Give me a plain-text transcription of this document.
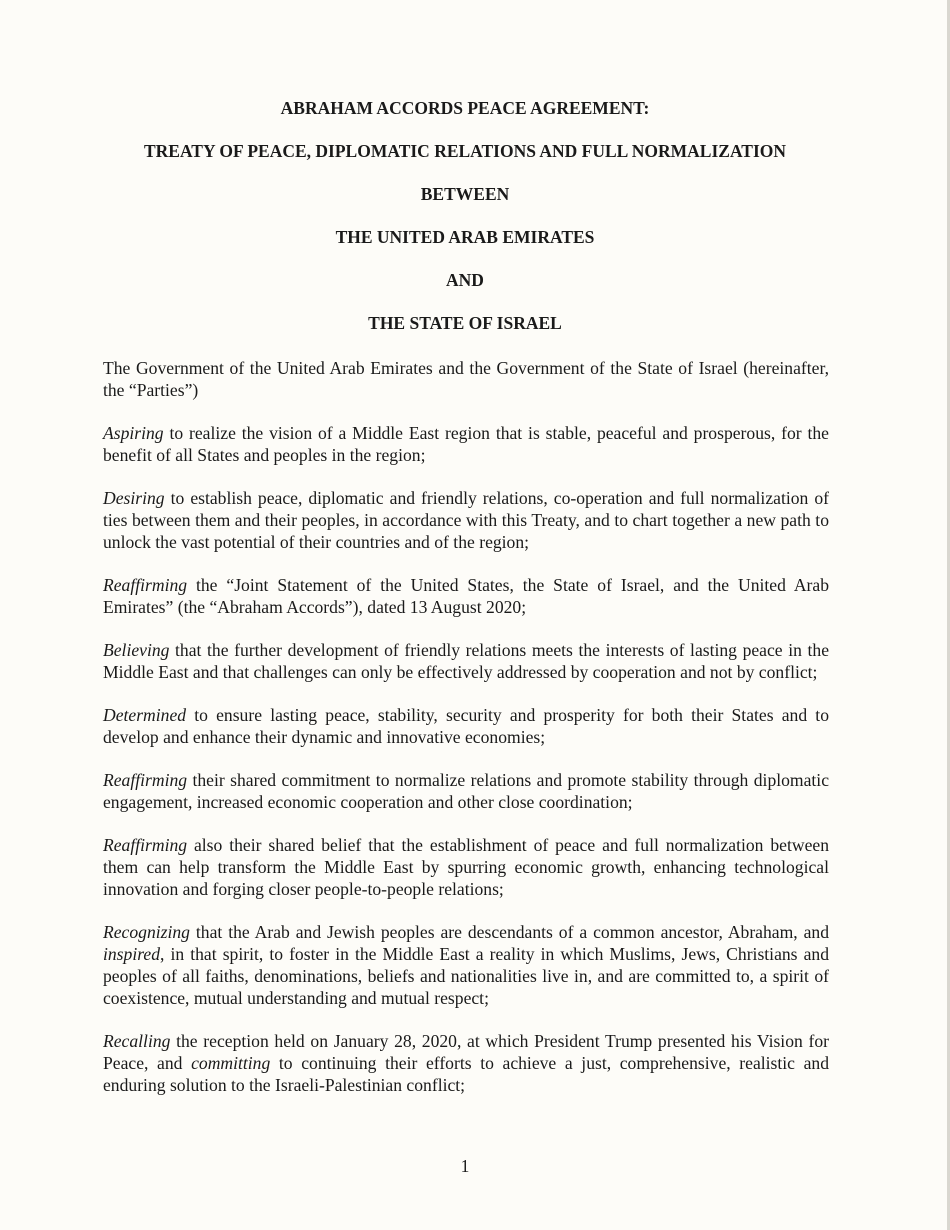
ABRAHAM ACCORDS PEACE AGREEMENT:
TREATY OF PEACE, DIPLOMATIC RELATIONS AND FULL NORMALIZATION
BETWEEN
THE UNITED ARAB EMIRATES
AND
THE STATE OF ISRAEL

The Government of the United Arab Emirates and the Government of the State of Israel (hereinafter, the “Parties”)

Aspiring to realize the vision of a Middle East region that is stable, peaceful and prosperous, for the benefit of all States and peoples in the region;

Desiring to establish peace, diplomatic and friendly relations, co-operation and full normalization of ties between them and their peoples, in accordance with this Treaty, and to chart together a new path to unlock the vast potential of their countries and of the region;

Reaffirming the “Joint Statement of the United States, the State of Israel, and the United Arab Emirates” (the “Abraham Accords”), dated 13 August 2020;

Believing that the further development of friendly relations meets the interests of lasting peace in the Middle East and that challenges can only be effectively addressed by cooperation and not by conflict;

Determined to ensure lasting peace, stability, security and prosperity for both their States and to develop and enhance their dynamic and innovative economies;

Reaffirming their shared commitment to normalize relations and promote stability through diplomatic engagement, increased economic cooperation and other close coordination;

Reaffirming also their shared belief that the establishment of peace and full normalization between them can help transform the Middle East by spurring economic growth, enhancing technological innovation and forging closer people-to-people relations;

Recognizing that the Arab and Jewish peoples are descendants of a common ancestor, Abraham, and inspired, in that spirit, to foster in the Middle East a reality in which Muslims, Jews, Christians and peoples of all faiths, denominations, beliefs and nationalities live in, and are committed to, a spirit of coexistence, mutual understanding and mutual respect;

Recalling the reception held on January 28, 2020, at which President Trump presented his Vision for Peace, and committing to continuing their efforts to achieve a just, comprehensive, realistic and enduring solution to the Israeli-Palestinian conflict;

1
